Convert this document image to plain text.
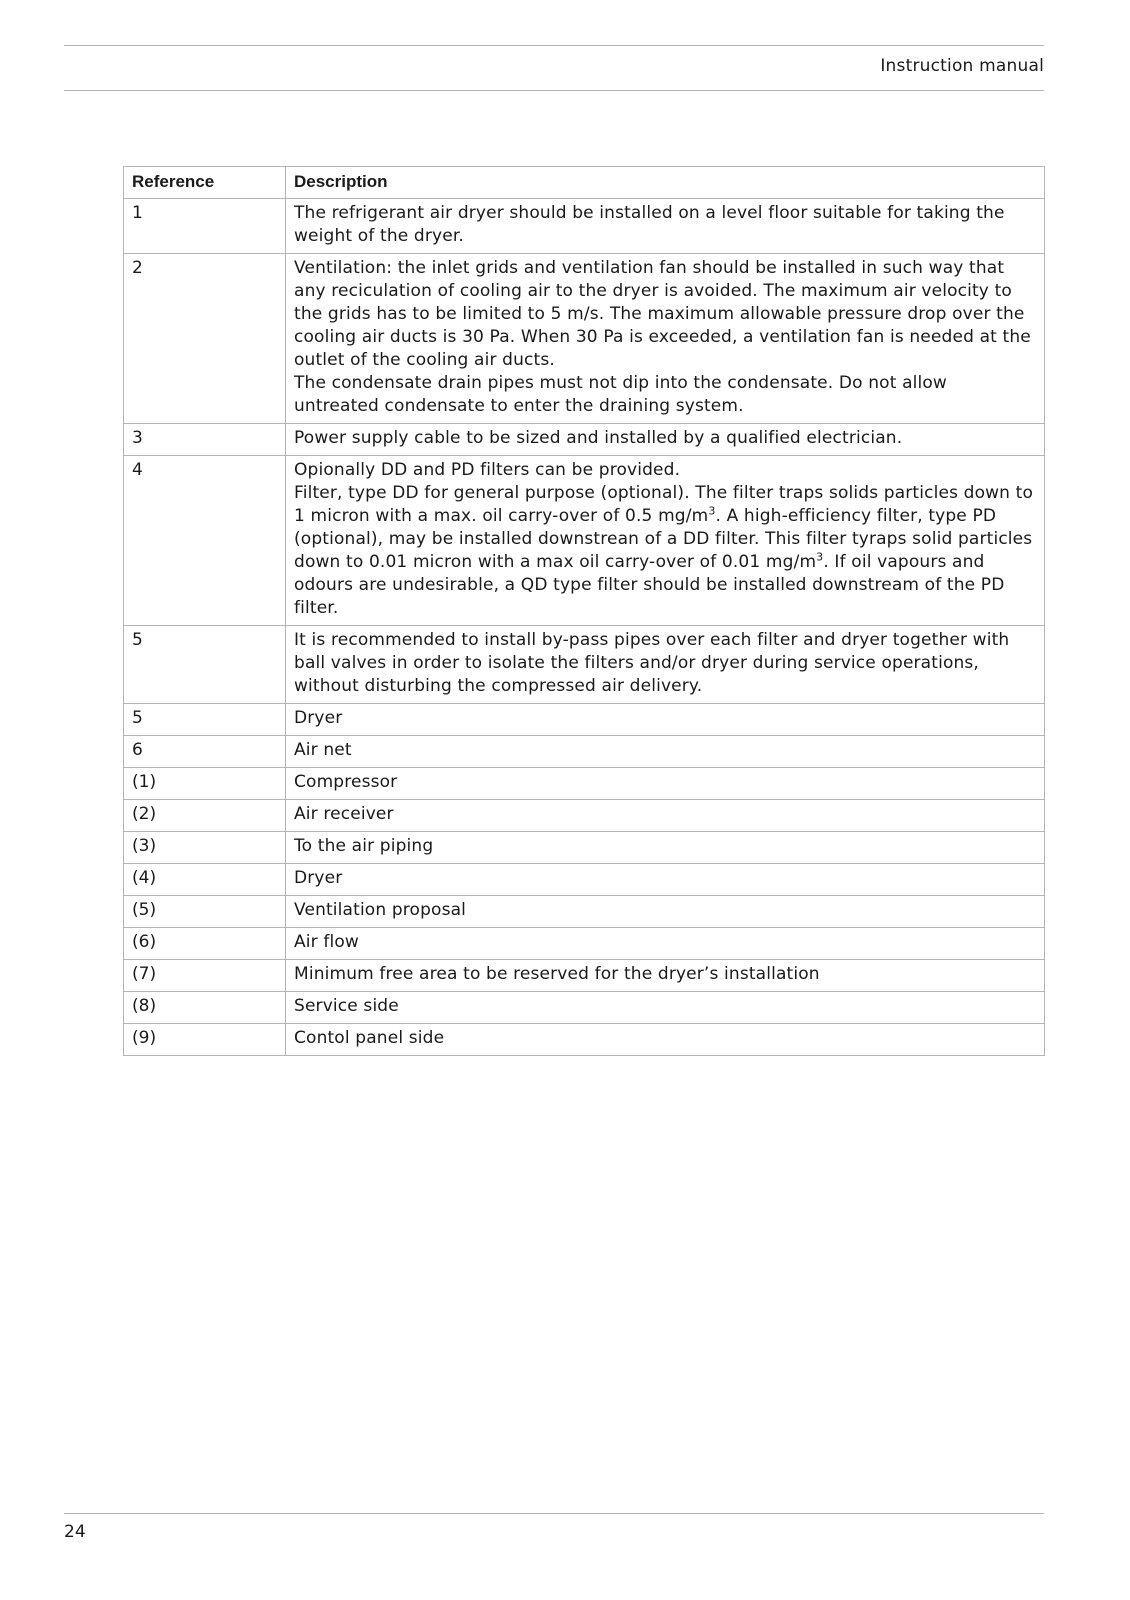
Instruction manual
Reference	Description
1	The refrigerant air dryer should be installed on a level floor suitable for taking the weight of the dryer.

2	Ventilation: the inlet grids and ventilation fan should be installed in such way that any reciculation of cooling air to the dryer is avoided. The maximum air velocity to the grids has to be limited to 5 m/s. The maximum allowable pressure drop over the cooling air ducts is 30 Pa. When 30 Pa is exceeded, a ventilation fan is needed at the outlet of the cooling air ducts.
The condensate drain pipes must not dip into the condensate. Do not allow untreated condensate to enter the draining system.

3	Power supply cable to be sized and installed by a qualified electrician.

4	Opionally DD and PD filters can be provided.
Filter, type DD for general purpose (optional). The filter traps solids particles down to 1 micron with a max. oil carry-over of 0.5 $mg/m^3$. A high-efficiency filter, type PD (optional), may be installed downstrean of a DD filter. This filter tyraps solid particles down to 0.01 micron with a max oil carry-over of 0.01 $mg/m^3$. If oil vapours and odours are undesirable, a QD type filter should be installed downstream of the PD filter.

5	It is recommended to install by-pass pipes over each filter and dryer together with ball valves in order to isolate the filters and/or dryer during service operations, without disturbing the compressed air delivery.

5	Dryer

6	Air net

(1)	Compressor

(2)	Air receiver

(3)	To the air piping

(4)	Dryer

(5)	Ventilation proposal

(6)	Air flow

(7)	Minimum free area to be reserved for the dryer’s installation

(8)	Service side

(9)	Contol panel side
24
